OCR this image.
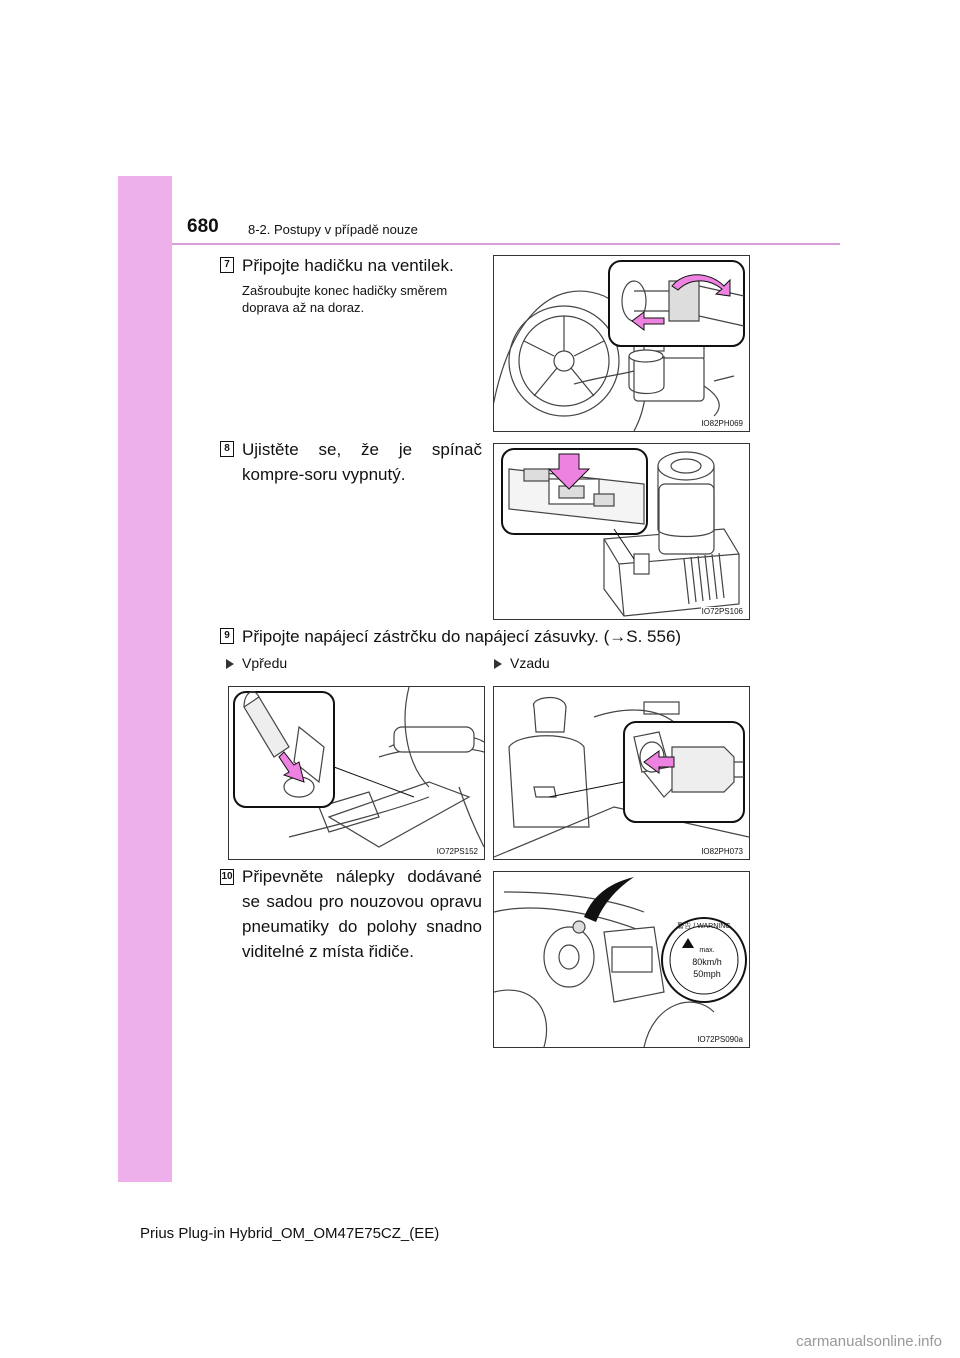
680 8-2. Postupy v případě nouze
7 Připojte hadičku na ventilek.
Zašroubujte konec hadičky směrem doprava až na doraz.
IO82PH069
8 Ujistěte se, že je spínač kompre-soru vypnutý.
IO72PS106
9 Připojte napájecí zástrčku do napájecí zásuvky. (→S. 556)
Vpředu	Vzadu
IO72PS152	IO82PH073
10 Připevněte nálepky dodávané se sadou pro nouzovou opravu pneumatiky do polohy snadno viditelné z místa řidiče.
警告 / WARNING
max.
80km/h
50mph
IO72PS090a
Prius Plug-in Hybrid_OM_OM47E75CZ_(EE)
carmanualsonline.info
